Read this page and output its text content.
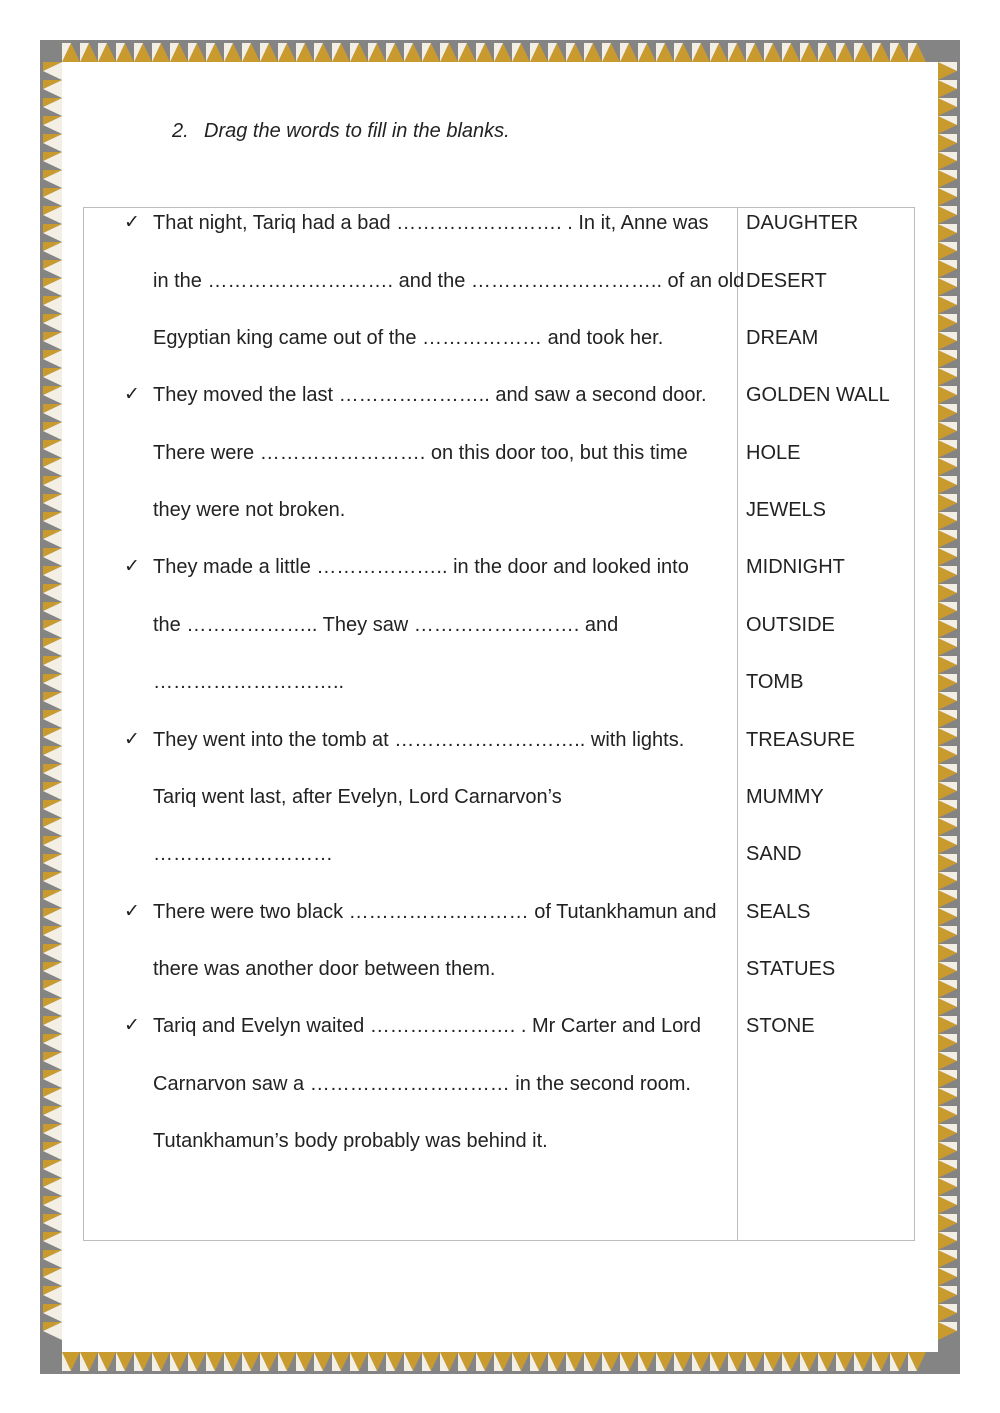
2. Drag the words to fill in the blanks.
✓ That night, Tariq had a bad ……………………. . In it, Anne was
in the ………………………. and the ……………………….. of an old
Egyptian king came out of the ……………… and took her.
✓ They moved the last ………………….. and saw a second door.
There were ……………………. on this door too, but this time
they were not broken.
✓ They made a little ……………….. in the door and looked into
the ……………….. They saw ……………………. and
………………………..
✓ They went into the tomb at ……………………….. with lights.
Tariq went last, after Evelyn, Lord Carnarvon’s
………………………
✓ There were two black ……………………… of Tutankhamun and
there was another door between them.
✓ Tariq and Evelyn waited …………………. . Mr Carter and Lord
Carnarvon saw a ………………………… in the second room.
Tutankhamun’s body probably was behind it.
DAUGHTER
DESERT
DREAM
GOLDEN WALL
HOLE
JEWELS
MIDNIGHT
OUTSIDE
TOMB
TREASURE
MUMMY
SAND
SEALS
STATUES
STONE
